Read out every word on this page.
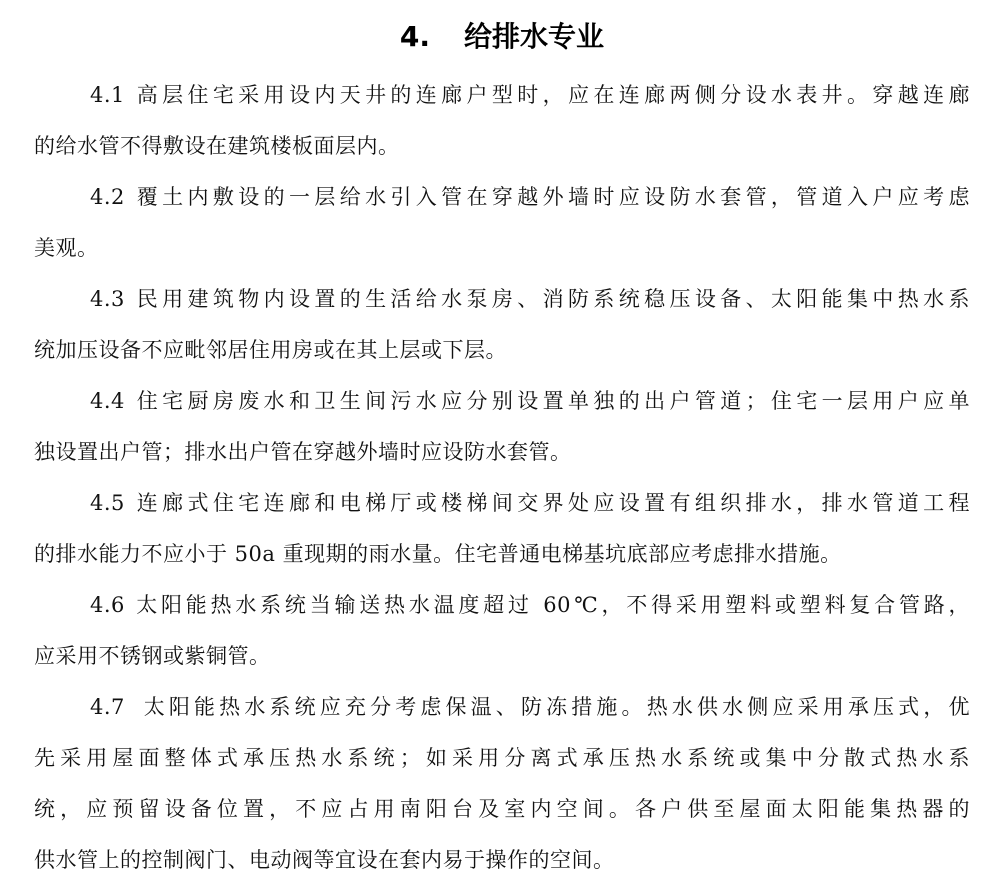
4. 给排水专业
4.1 高层住宅采用设内天井的连廊户型时，应在连廊两侧分设水表井。穿越连廊
的给水管不得敷设在建筑楼板面层内。
4.2 覆土内敷设的一层给水引入管在穿越外墙时应设防水套管，管道入户应考虑
美观。
4.3 民用建筑物内设置的生活给水泵房、消防系统稳压设备、太阳能集中热水系
统加压设备不应毗邻居住用房或在其上层或下层。
4.4 住宅厨房废水和卫生间污水应分别设置单独的出户管道；住宅一层用户应单
独设置出户管；排水出户管在穿越外墙时应设防水套管。
4.5 连廊式住宅连廊和电梯厅或楼梯间交界处应设置有组织排水，排水管道工程
的排水能力不应小于 50a 重现期的雨水量。住宅普通电梯基坑底部应考虑排水措施。
4.6 太阳能热水系统当输送热水温度超过 60℃，不得采用塑料或塑料复合管路，
应采用不锈钢或紫铜管。
4.7 太阳能热水系统应充分考虑保温、防冻措施。热水供水侧应采用承压式，优
先采用屋面整体式承压热水系统；如采用分离式承压热水系统或集中分散式热水系
统，应预留设备位置，不应占用南阳台及室内空间。各户供至屋面太阳能集热器的
供水管上的控制阀门、电动阀等宜设在套内易于操作的空间。
